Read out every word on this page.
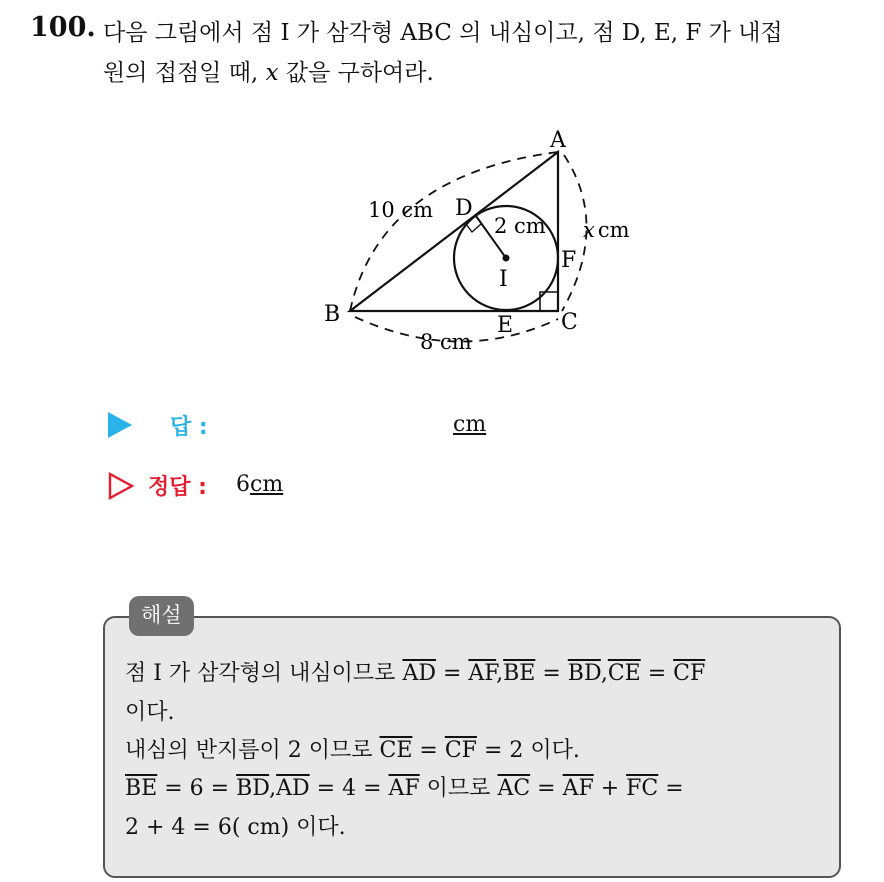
100. 다음 그림에서 점 I 가 삼각형 ABC 의 내심이고, 점 D, E, F 가 내접
원의 접점일 때, x 값을 구하여라.
A
B	C
D
E
F
I
10 cm
8 cm
2 cm x cm
답 :	cm
정답 : 6cm
해설
점 I 가 삼각형의 내심이므로 $\overline{AD} = \overline{AF},\overline{BE} = \overline{BD},\overline{CE} = \overline{CF}$
이다.
내심의 반지름이 2 이므로 $\overline{CE} = \overline{CF} = 2$ 이다.
$\overline{BE} = 6 = \overline{BD},\overline{AD} = 4 = \overline{AF}$ 이므로 $\overline{AC} = \overline{AF} + \overline{FC}$ =
2 + 4 = 6( cm) 이다.
